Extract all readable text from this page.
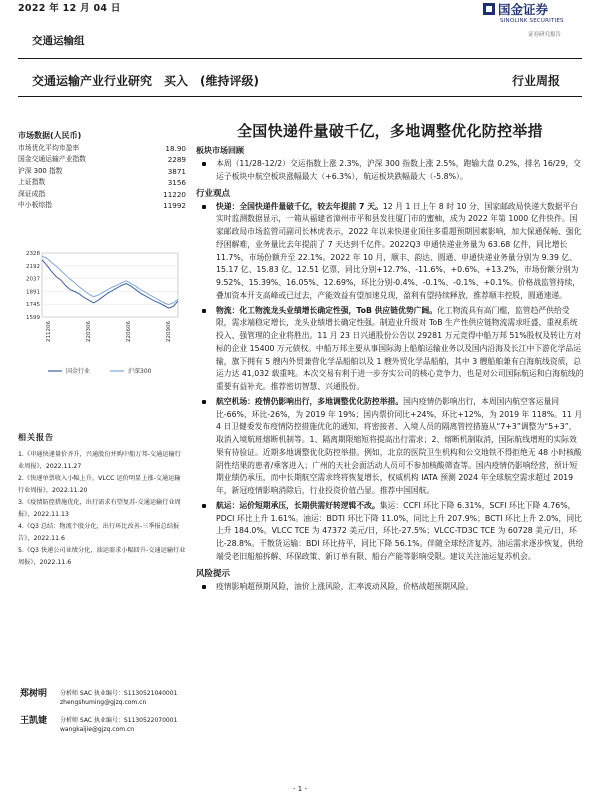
2022 年 12 月 04 日
交通运输组
国金证券
SINOLINK SECURITIES
证券研究报告
交通运输产业行业研究 买入 (维持评级)	行业周报
市场数据(人民币)
市场优化平均市盈率	18.90
国金交通运输产业指数	2289
沪深 300 指数	3871
上证指数	3156
深证成指	11220
中小板综指	11992
2328
2192
2037
1891
1745
1599
211206	220306	220606	220906
国金行业	沪深300
相关报告

1.《申通快递量价齐升，兴通股份并购中船万邦-交通运输行业周报》，2022.11.27

2.《快递单票收入小幅上升，VLCC 运价明显上涨-交通运输行业周报》，2022.11.20

3.《疫情防控措施优化，出行需求有望复苏-交通运输行业周报》，2022.11.13

4.《Q3 总结：物流个股分化，出行环比改善-三季报总结报告》，2022.11.6

5.《Q3 快递公司业绩分化，油运需求小幅回升-交通运输行业周报》，2022.11.6

郑树明 分析师 SAC 执业编号：S1130521040001
zhengshuming@gjzq.com.cn
王凯婕 分析师 SAC 执业编号：S1130522070001
wangkaijie@gjzq.com.cn
全国快递件量破千亿，多地调整优化防控举措
板块市场回顾
本周（11/28-12/2）交运指数上涨 2.3%，沪深 300 指数上涨 2.5%，跑输大盘 0.2%，排名 16/29，交运子板块中航空板块涨幅最大（+6.3%），航运板块跌幅最大（-5.8%）。
行业观点
快递：全国快递件量破千亿，较去年提前 7 天。12 月 1 日上午 8 时 10 分，国家邮政局快递大数据平台实时监测数据显示，一箱从福建省漳州市平和县发往厦门市的蜜柚，成为 2022 年第 1000 亿件快件。国家邮政局市场监管司副司长林虎表示，2022 年以来快递业顶住多重超预期因素影响，加大保通保畅、强化纾困解难，业务量比去年提前了 7 天达到千亿件。2022Q3 申通快递业务量为 63.68 亿件，同比增长 11.7%，市场份额升至 22.1%。2022 年 10 月，顺丰、韵达、圆通、申通快递业务量分别为 9.39 亿、15.17 亿、15.83 亿、12.51 亿票，同比分别+12.7%、-11.6%、+0.6%、+13.2%，市场份额分别为 9.52%、15.39%、16.05%、12.69%，环比分别-0.4%、-0.1%、-0.1%、+0.1%。价格战监管持续，叠加资本开支高峰或已过去，产能效益有望加速兑现，盈利有望持续释放，推荐顺丰控股，圆通速递。
物流：化工物流龙头业绩增长确定性强，ToB 供应链优势广阔。化工物流具有高门槛，监管趋严供给受限，需求端稳定增长，龙头业绩增长确定性强。制造业升级对 ToB 生产性供应链物流需求旺盛，重视系统投入、强管理的企业将胜出。11 月 23 日兴通股份公告以 29281 万元竞得中船万邦 51%股权及转让方对标的企业 15400 万元债权。中船万邦主要从事国际海上船舶运输业务以及国内沿海及长江中下游化学品运输，旗下拥有 5 艘内外贸兼营化学品船舶以及 1 艘外贸化学品船舶，其中 3 艘船舶兼有白海航线资质，总运力达 41,032 载重吨。本次交易有利于进一步夯实公司的核心竞争力，也是对公司国际航运和白海航线的重要有益补充。推荐密切智慧、兴通股份。
航空机场：疫情仍影响出行，多地调整优化防控举措。国内疫情仍影响出行，本周国内航空客运量同比-66%，环比-26%，为 2019 年 19%；国内票价同比+24%，环比+12%，为 2019 年 118%。11 月 4 日卫健委发布疫情防控措施优化的通知，将密接者、入境人员的隔离管控措施从“7+3”调整为“5+3”，取消入境航班熔断机制等。1、隔离期限缩短将提高出行需求；2、熔断机制取消，国际航线增班的实际效果有待验证。近期多地调整优化防控举措。例如，北京的医院卫生机构和公交地铁不得拒绝无 48 小时核酸阴性结果的患者/乘客进入；广州的天社会面活动人员可不参加核酸筛查等。国内疫情仍影响经营，预计短期业绩仍承压，而中长期航空需求终将恢复增长，权威机构 IATA 预测 2024 年全球航空需求超过 2019 年，新冠疫情影响消除后，行业投资价值凸显。推荐中国国航。
航运：运价短期承压，长期供需好转逻辑不改。集运：CCFI 环比下降 6.31%，SCFI 环比下降 4.76%，PDCI 环比上升 1.61%。油运：BDTI 环比下降 11.0%，同比上升 207.9%；BCTI 环比上升 2.0%，同比上升 184.0%。VLCC TCE 为 47372 美元/日，环比-27.5%；VLCC-TD3C TCE 为 60728 美元/日，环比-28.8%。干散货运输：BDI 环比持平，同比下降 56.1%。伴随全球经济复苏，油运需求逐步恢复，供给端受老旧船舶拆解、环保政策、新订单有限、船台产能等影响受限。建议关注油运复苏机会。
风险提示
疫情影响超预期风险，油价上涨风险，汇率波动风险，价格战超预期风险。
- 1 -
